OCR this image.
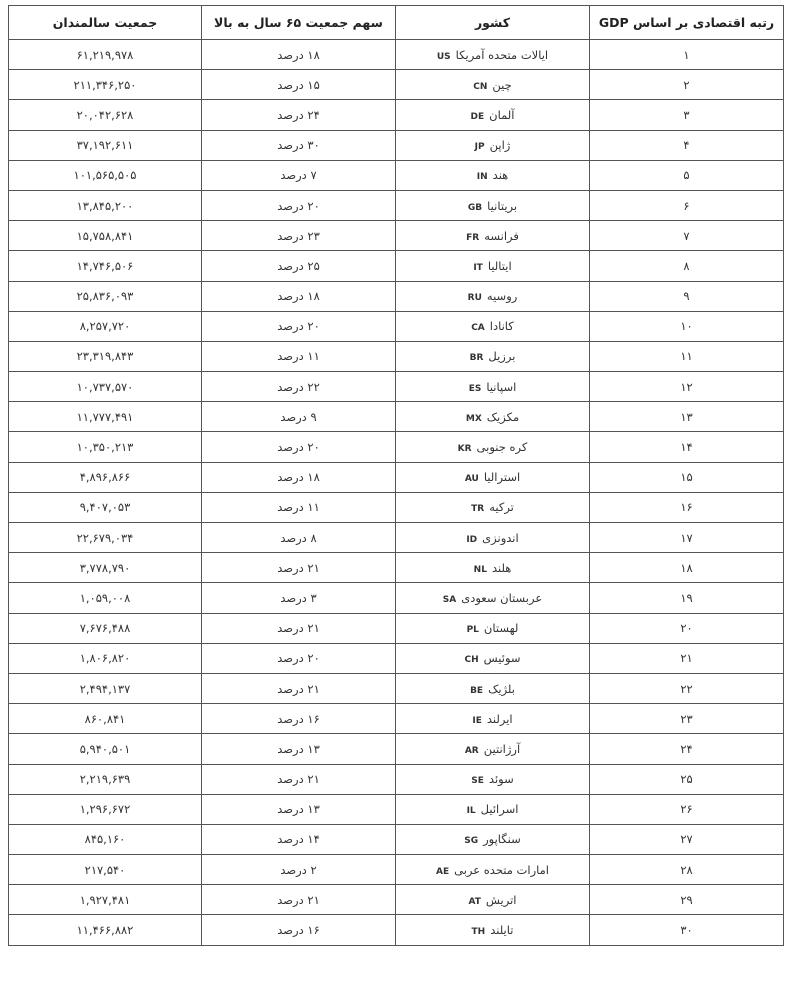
رتبه اقتصادی بر اساس GDP	کشور	سهم جمعیت ۶۵ سال به بالا	جمعیت سالمندان
۱	ایالات متحده آمریکاUS	۱۸ درصد	۶۱,۲۱۹,۹۷۸
۲	چینCN	۱۵ درصد	۲۱۱,۳۴۶,۲۵۰
۳	آلمانDE	۲۴ درصد	۲۰,۰۴۲,۶۲۸
۴	ژاپنJP	۳۰ درصد	۳۷,۱۹۲,۶۱۱
۵	هندIN	۷ درصد	۱۰۱,۵۶۵,۵۰۵
۶	بریتانیاGB	۲۰ درصد	۱۳,۸۴۵,۲۰۰
۷	فرانسهFR	۲۳ درصد	۱۵,۷۵۸,۸۴۱
۸	ایتالیاIT	۲۵ درصد	۱۴,۷۴۶,۵۰۶
۹	روسیهRU	۱۸ درصد	۲۵,۸۳۶,۰۹۳
۱۰	کاناداCA	۲۰ درصد	۸,۲۵۷,۷۲۰
۱۱	برزیلBR	۱۱ درصد	۲۳,۳۱۹,۸۴۳
۱۲	اسپانیاES	۲۲ درصد	۱۰,۷۳۷,۵۷۰
۱۳	مکزیکMX	۹ درصد	۱۱,۷۷۷,۴۹۱
۱۴	کره جنوبیKR	۲۰ درصد	۱۰,۳۵۰,۲۱۳
۱۵	استرالیاAU	۱۸ درصد	۴,۸۹۶,۸۶۶
۱۶	ترکیهTR	۱۱ درصد	۹,۴۰۷,۰۵۳
۱۷	اندونزیID	۸ درصد	۲۲,۶۷۹,۰۳۴
۱۸	هلندNL	۲۱ درصد	۳,۷۷۸,۷۹۰
۱۹	عربستان سعودیSA	۳ درصد	۱,۰۵۹,۰۰۸
۲۰	لهستانPL	۲۱ درصد	۷,۶۷۶,۴۸۸
۲۱	سوئیسCH	۲۰ درصد	۱,۸۰۶,۸۲۰
۲۲	بلژیکBE	۲۱ درصد	۲,۴۹۴,۱۳۷
۲۳	ایرلندIE	۱۶ درصد	۸۶۰,۸۴۱
۲۴	آرژانتینAR	۱۳ درصد	۵,۹۴۰,۵۰۱
۲۵	سوئدSE	۲۱ درصد	۲,۲۱۹,۶۳۹
۲۶	اسرائیلIL	۱۳ درصد	۱,۲۹۶,۶۷۲
۲۷	سنگاپورSG	۱۴ درصد	۸۴۵,۱۶۰
۲۸	امارات متحده عربیAE	۲ درصد	۲۱۷,۵۴۰
۲۹	اتریشAT	۲۱ درصد	۱,۹۲۷,۴۸۱
۳۰	تایلندTH	۱۶ درصد	۱۱,۴۶۶,۸۸۲
